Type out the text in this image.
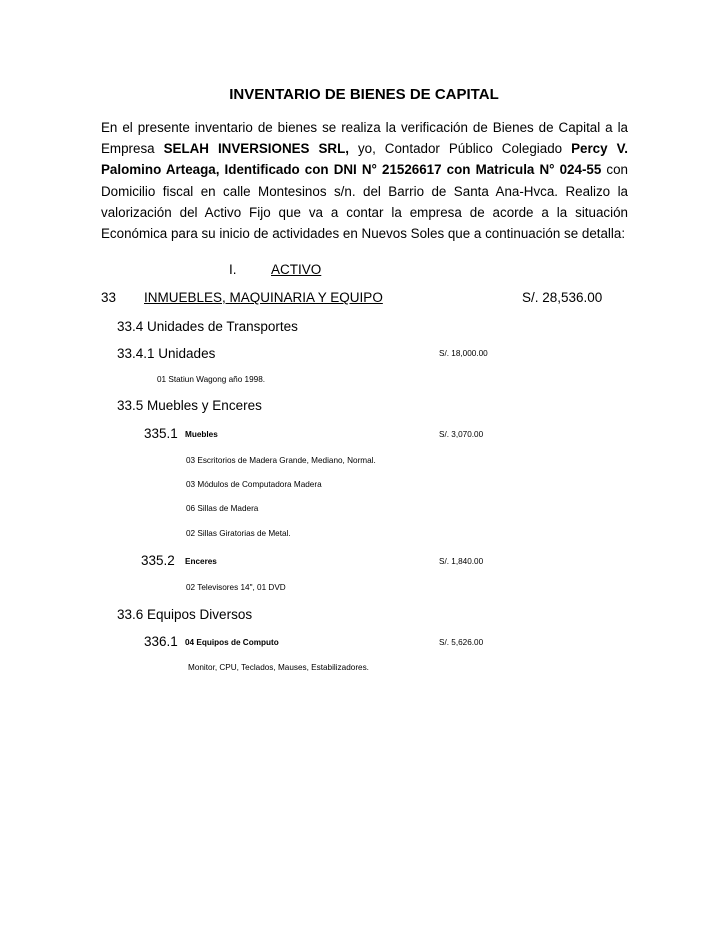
INVENTARIO DE BIENES DE CAPITAL
En el presente inventario de bienes se realiza la verificación de Bienes de Capital a la Empresa SELAH INVERSIONES SRL, yo, Contador Público Colegiado Percy V. Palomino Arteaga, Identificado con DNI N° 21526617 con Matricula N° 024-55 con Domicilio fiscal en calle Montesinos s/n. del Barrio de Santa Ana-Hvca. Realizo la valorización del Activo Fijo que va a contar la empresa de acorde a la situación Económica para su inicio de actividades en Nuevos Soles que a continuación se detalla:
I.	ACTIVO
33 INMUEBLES, MAQUINARIA Y EQUIPO	S/. 28,536.00
33.4 Unidades de Transportes
33.4.1 Unidades	S/. 18,000.00
01 Statiun Wagong año 1998.
33.5 Muebles y Enceres
335.1 Muebles	S/. 3,070.00
03 Escritorios de Madera Grande, Mediano, Normal.
03 Módulos de Computadora Madera
06 Sillas de Madera
02 Sillas Giratorias de Metal.
335.2 Enceres	S/. 1,840.00
02 Televisores 14", 01 DVD
33.6 Equipos Diversos
336.1 04 Equipos de Computo	S/. 5,626.00
Monitor, CPU, Teclados, Mauses, Estabilizadores.
